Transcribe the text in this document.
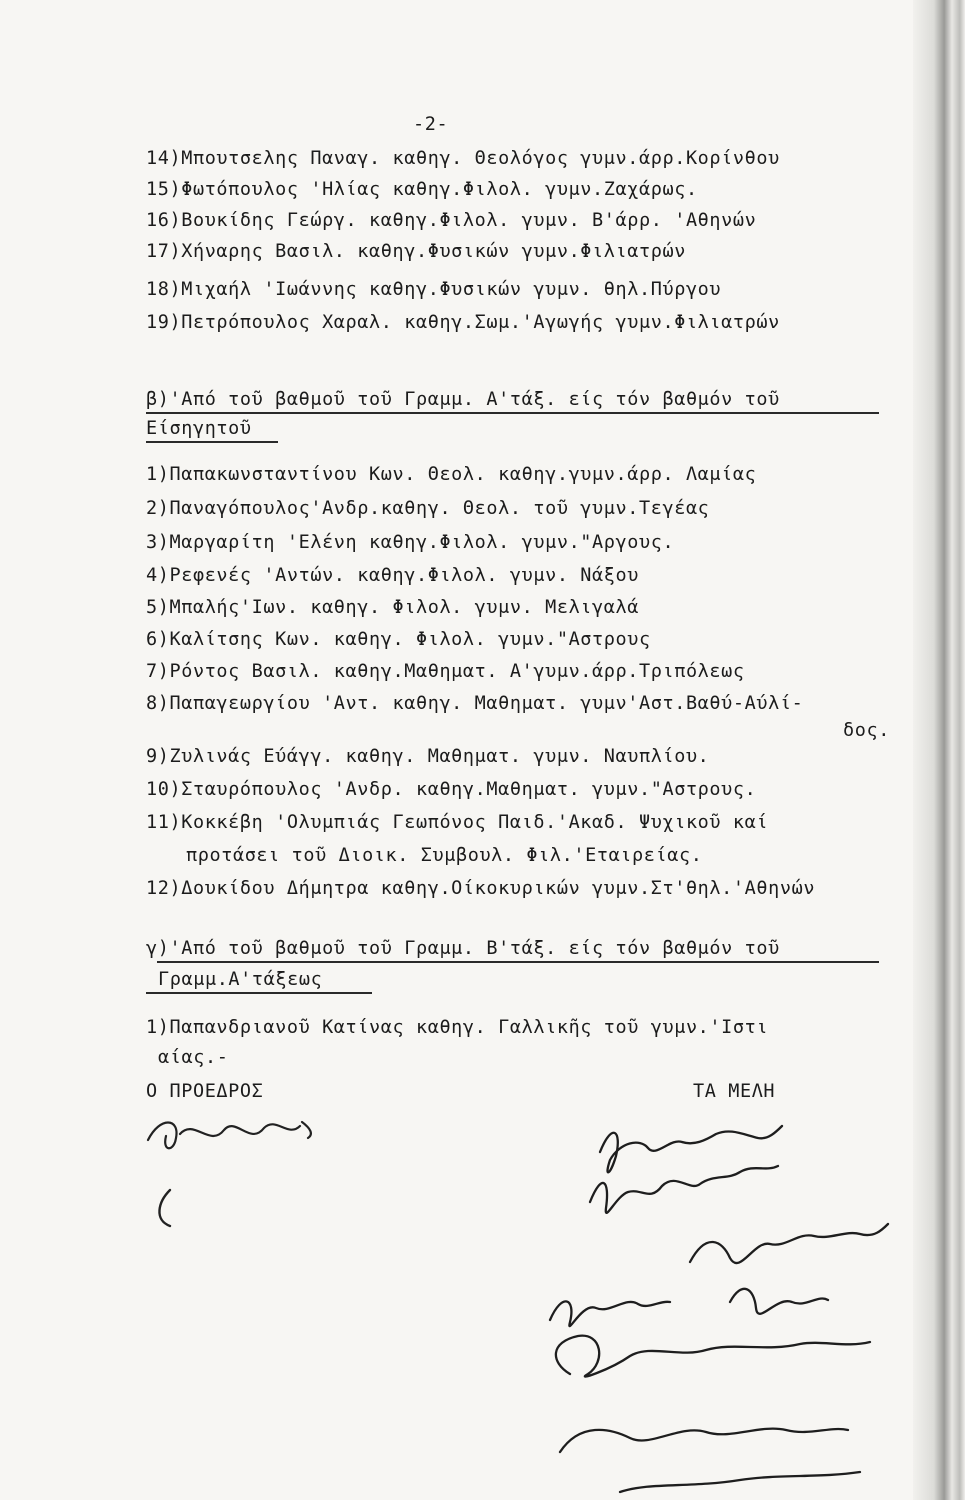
-2-
14)Μπουτσελης Παναγ. καθηγ. Θεολόγος γυμν.άρρ.Κορίνθου
15)Φωτόπουλος 'Ηλίας καθηγ.Φιλολ. γυμν.Ζαχάρως.
16)Βουκίδης Γεώργ. καθηγ.Φιλολ. γυμν. Β'άρρ. 'Αθηνών
17)Χήναρης Βασιλ. καθηγ.Φυσικών γυμν.Φιλιατρών
18)Μιχαήλ 'Ιωάννης καθηγ.Φυσικών γυμν. θηλ.Πύργου
19)Πετρόπουλος Χαραλ. καθηγ.Σωμ.'Αγωγής γυμν.Φιλιατρών
β)'Από τοῦ βαθμοῦ τοῦ Γραμμ. Α'τάξ. είς τόν βαθμόν τοῦ
Είσηγητοῦ
1)Παπακωνσταντίνου Κων. Θεολ. καθηγ.γυμν.άρρ. Λαμίας
2)Παναγόπουλος'Ανδρ.καθηγ. Θεολ. τοῦ γυμν.Τεγέας
3)Μαργαρίτη 'Ελένη καθηγ.Φιλολ. γυμν."Αργους.
4)Ρεφενές 'Αντών. καθηγ.Φιλολ. γυμν. Νάξου
5)Μπαλής'Ιων. καθηγ. Φιλολ. γυμν. Μελιγαλά
6)Καλίτσης Κων. καθηγ. Φιλολ. γυμν."Αστρους
7)Ρόντος Βασιλ. καθηγ.Μαθηματ. Α'γυμν.άρρ.Τριπόλεως
8)Παπαγεωργίου 'Αντ. καθηγ. Μαθηματ. γυμν'Αστ.Βαθύ-Αύλί-
δος.
9)Ζυλινάς Εύάγγ. καθηγ. Μαθηματ. γυμν. Ναυπλίου.
10)Σταυρόπουλος 'Ανδρ. καθηγ.Μαθηματ. γυμν."Αστρους.
11)Κοκκέβη 'Ολυμπιάς Γεωπόνος Παιδ.'Ακαδ. Ψυχικοῦ καί
προτάσει τοῦ Διοικ. Συμβουλ. Φιλ.'Εταιρείας.
12)Δουκίδου Δήμητρα καθηγ.Οίκοκυρικών γυμν.Στ'θηλ.'Αθηνών
γ)'Από τοῦ βαθμοῦ τοῦ Γραμμ. Β'τάξ. είς τόν βαθμόν τοῦ
Γραμμ.Α'τάξεως
1)Παπανδριανοῦ Κατίνας καθηγ. Γαλλικῆς τοῦ γυμν.'Ιστι
αίας.-
Ο ΠΡΟΕΔΡΟΣ	ΤΑ ΜΕΛΗ
